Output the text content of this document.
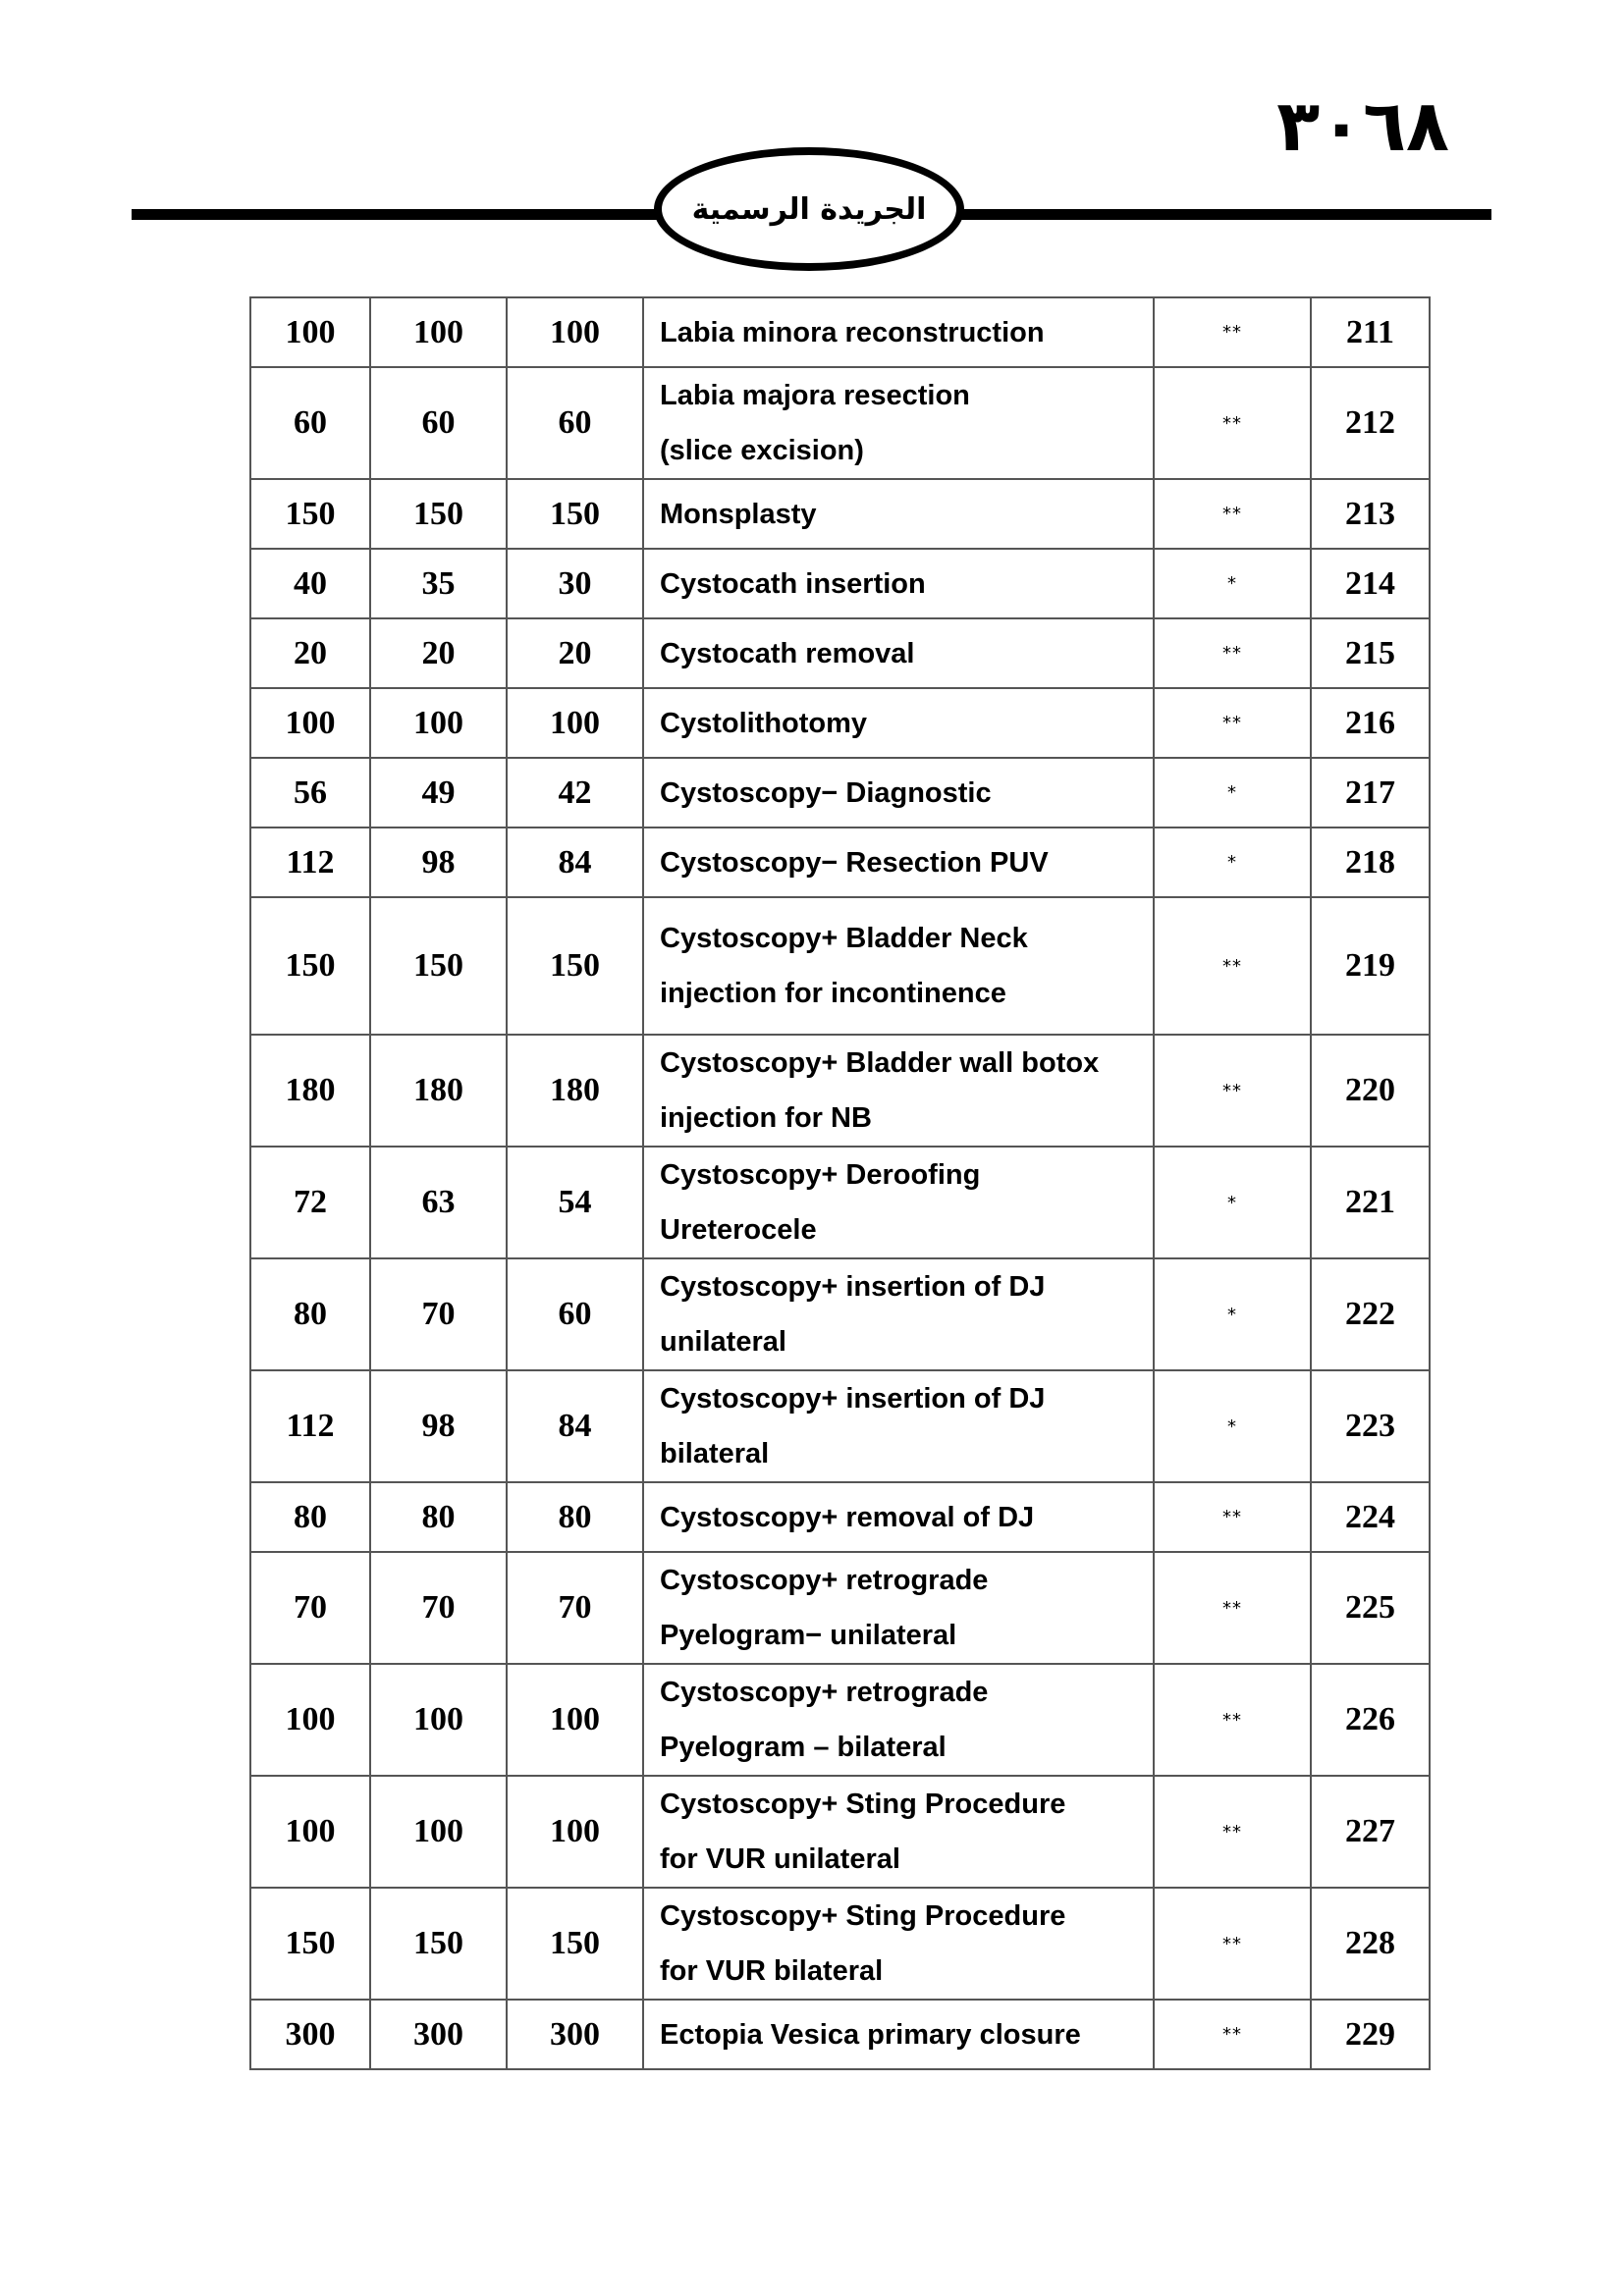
٣٠٦٨
الجريدة الرسمية
100	100	100	Labia minora reconstruction	**	211
60	60	60	Labia majora resection
(slice excision)	**	212
150	150	150	Monsplasty	**	213
40	35	30	Cystocath insertion	*	214
20	20	20	Cystocath removal	**	215
100	100	100	Cystolithotomy	**	216
56	49	42	Cystoscopy− Diagnostic	*	217
112	98	84	Cystoscopy− Resection PUV	*	218
150	150	150	Cystoscopy+ Bladder Neck
injection for incontinence	**	219
180	180	180	Cystoscopy+ Bladder wall botox
injection for NB	**	220
72	63	54	Cystoscopy+ Deroofing
Ureterocele	*	221
80	70	60	Cystoscopy+ insertion of DJ
unilateral	*	222
112	98	84	Cystoscopy+ insertion of DJ
bilateral	*	223
80	80	80	Cystoscopy+ removal of DJ	**	224
70	70	70	Cystoscopy+ retrograde
Pyelogram− unilateral	**	225
100	100	100	Cystoscopy+ retrograde
Pyelogram – bilateral	**	226
100	100	100	Cystoscopy+ Sting Procedure
for VUR unilateral	**	227
150	150	150	Cystoscopy+ Sting Procedure
for VUR bilateral	**	228
300	300	300	Ectopia Vesica primary closure	**	229
